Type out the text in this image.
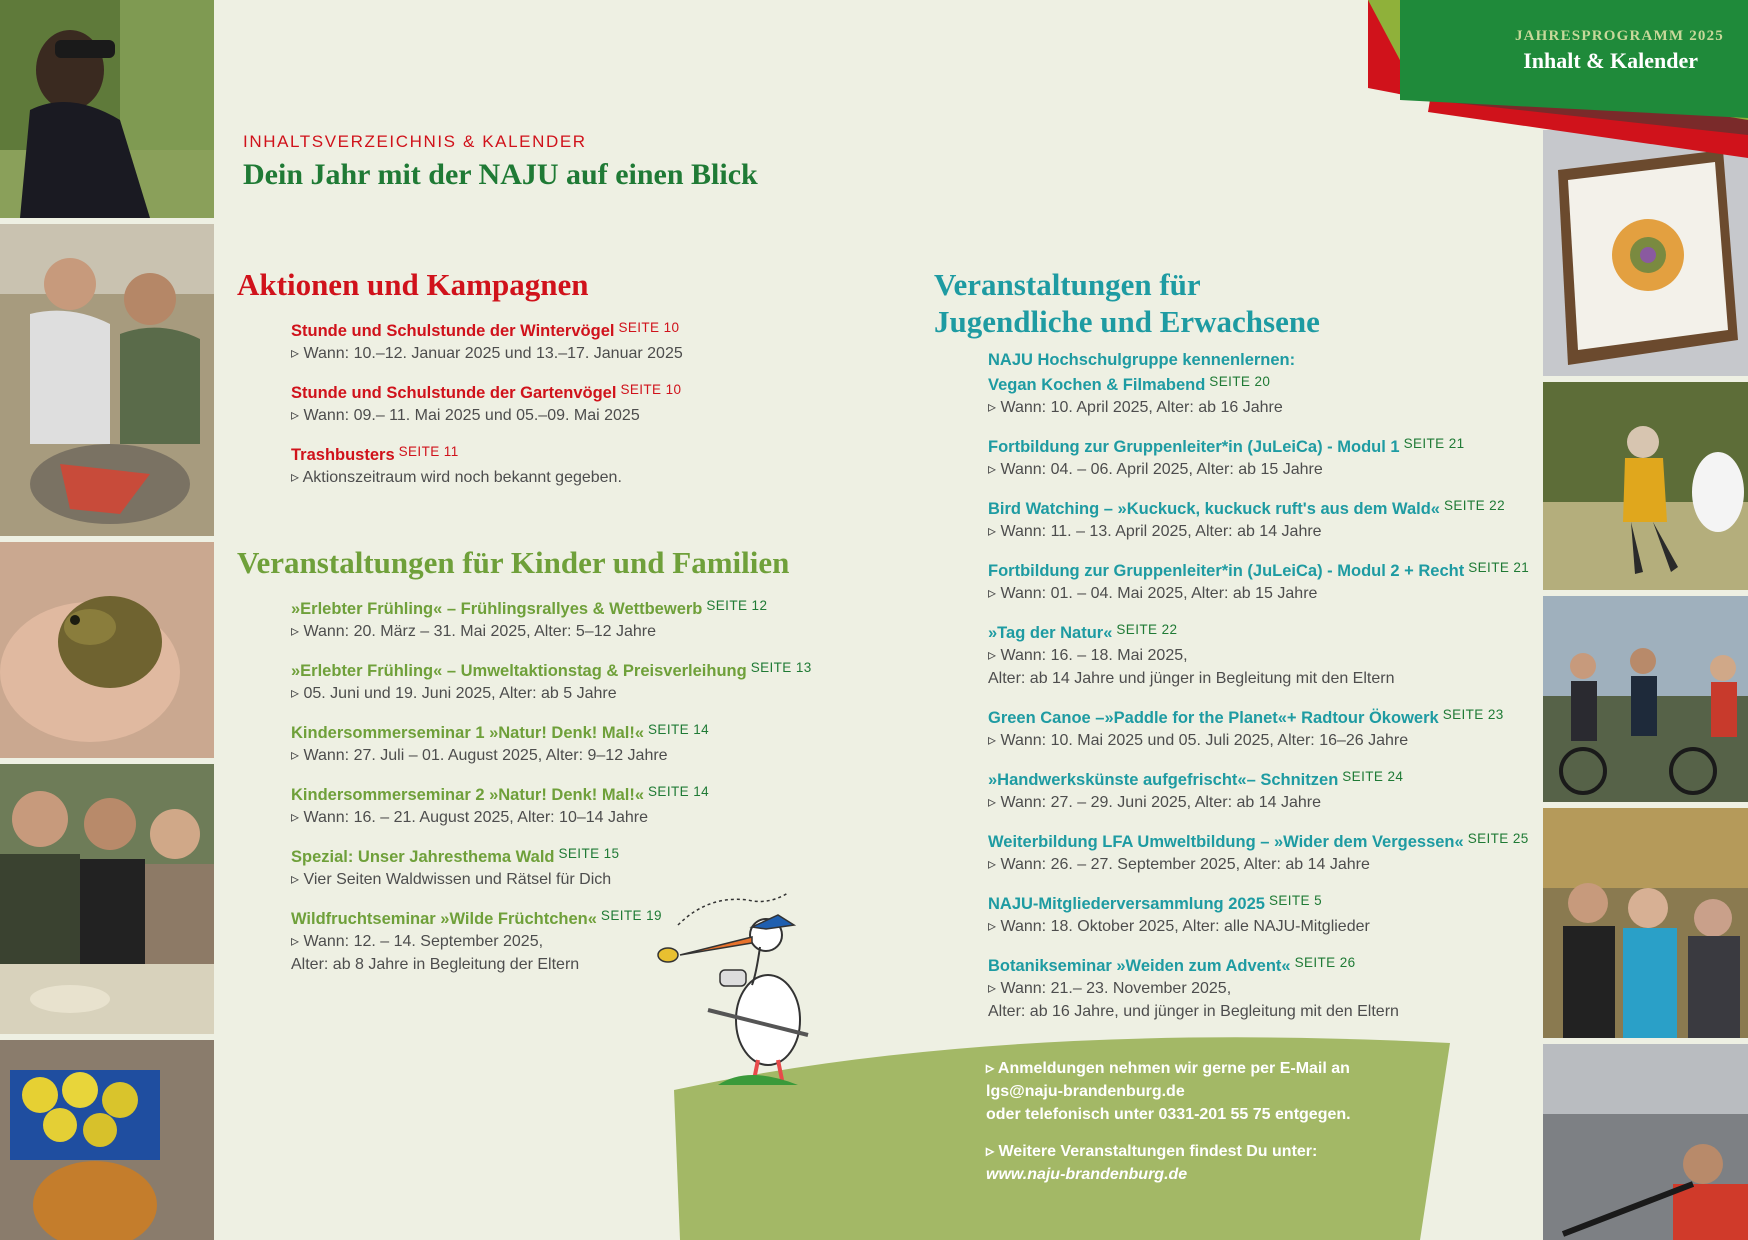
JAHRESPROGRAMM 2025
Inhalt & Kalender
INHALTSVERZEICHNIS & KALENDER
Dein Jahr mit der NAJU auf einen Blick
Aktionen und Kampagnen
Stunde und Schulstunde der Wintervögel $^{SEITE 10}$
▹ Wann: 10.–12. Januar 2025 und 13.–17. Januar 2025
Stunde und Schulstunde der Gartenvögel $^{SEITE 10}$
▹ Wann: 09.– 11. Mai 2025 und 05.–09. Mai 2025
Trashbusters $^{SEITE 11}$
▹ Aktionszeitraum wird noch bekannt gegeben.
Veranstaltungen für Kinder und Familien
»Erlebter Frühling« – Frühlingsrallyes & Wettbewerb $^{SEITE 12}$
▹ Wann: 20. März – 31. Mai 2025, Alter: 5–12 Jahre
»Erlebter Frühling« – Umweltaktionstag & Preisverleihung $^{SEITE 13}$
▹ 05. Juni und 19. Juni 2025, Alter: ab 5 Jahre
Kindersommerseminar 1 »Natur! Denk! Mal!« $^{SEITE 14}$
▹ Wann: 27. Juli – 01. August 2025, Alter: 9–12 Jahre
Kindersommerseminar 2 »Natur! Denk! Mal!« $^{SEITE 14}$
▹ Wann: 16. – 21. August 2025, Alter: 10–14 Jahre
Spezial: Unser Jahresthema Wald $^{SEITE 15}$
▹ Vier Seiten Waldwissen und Rätsel für Dich
Wildfruchtseminar »Wilde Früchtchen« $^{SEITE 19}$
▹ Wann: 12. – 14. September 2025,
Alter: ab 8 Jahre in Begleitung der Eltern
Veranstaltungen für
Jugendliche und Erwachsene
NAJU Hochschulgruppe kennenlernen:
Vegan Kochen & Filmabend $^{SEITE 20}$
▹ Wann: 10. April 2025, Alter: ab 16 Jahre
Fortbildung zur Gruppenleiter*in (JuLeiCa) - Modul 1 $^{SEITE 21}$
▹ Wann: 04. – 06. April 2025, Alter: ab 15 Jahre
Bird Watching – »Kuckuck, kuckuck ruft's aus dem Wald« $^{SEITE 22}$
▹ Wann: 11. – 13. April 2025, Alter: ab 14 Jahre
Fortbildung zur Gruppenleiter*in (JuLeiCa) - Modul 2 + Recht $^{SEITE 21}$
▹ Wann: 01. – 04. Mai 2025, Alter: ab 15 Jahre
»Tag der Natur« $^{SEITE 22}$
▹ Wann: 16. – 18. Mai 2025,
Alter: ab 14 Jahre und jünger in Begleitung mit den Eltern
Green Canoe –»Paddle for the Planet«+ Radtour Ökowerk $^{SEITE 23}$
▹ Wann: 10. Mai 2025 und 05. Juli 2025, Alter: 16–26 Jahre
»Handwerkskünste aufgefrischt«– Schnitzen $^{SEITE 24}$
▹ Wann: 27. – 29. Juni 2025, Alter: ab 14 Jahre
Weiterbildung LFA Umweltbildung – »Wider dem Vergessen« $^{SEITE 25}$
▹ Wann: 26. – 27. September 2025, Alter: ab 14 Jahre
NAJU-Mitgliederversammlung 2025 $^{SEITE 5}$
▹ Wann: 18. Oktober 2025, Alter: alle NAJU-Mitglieder
Botanikseminar »Weiden zum Advent« $^{SEITE 26}$
▹ Wann: 21.– 23. November 2025,
Alter: ab 16 Jahre, und jünger in Begleitung mit den Eltern
▹ Anmeldungen nehmen wir gerne per E-Mail an
lgs@naju-brandenburg.de
oder telefonisch unter 0331-201 55 75 entgegen.
▹ Weitere Veranstaltungen findest Du unter:
www.naju-brandenburg.de
